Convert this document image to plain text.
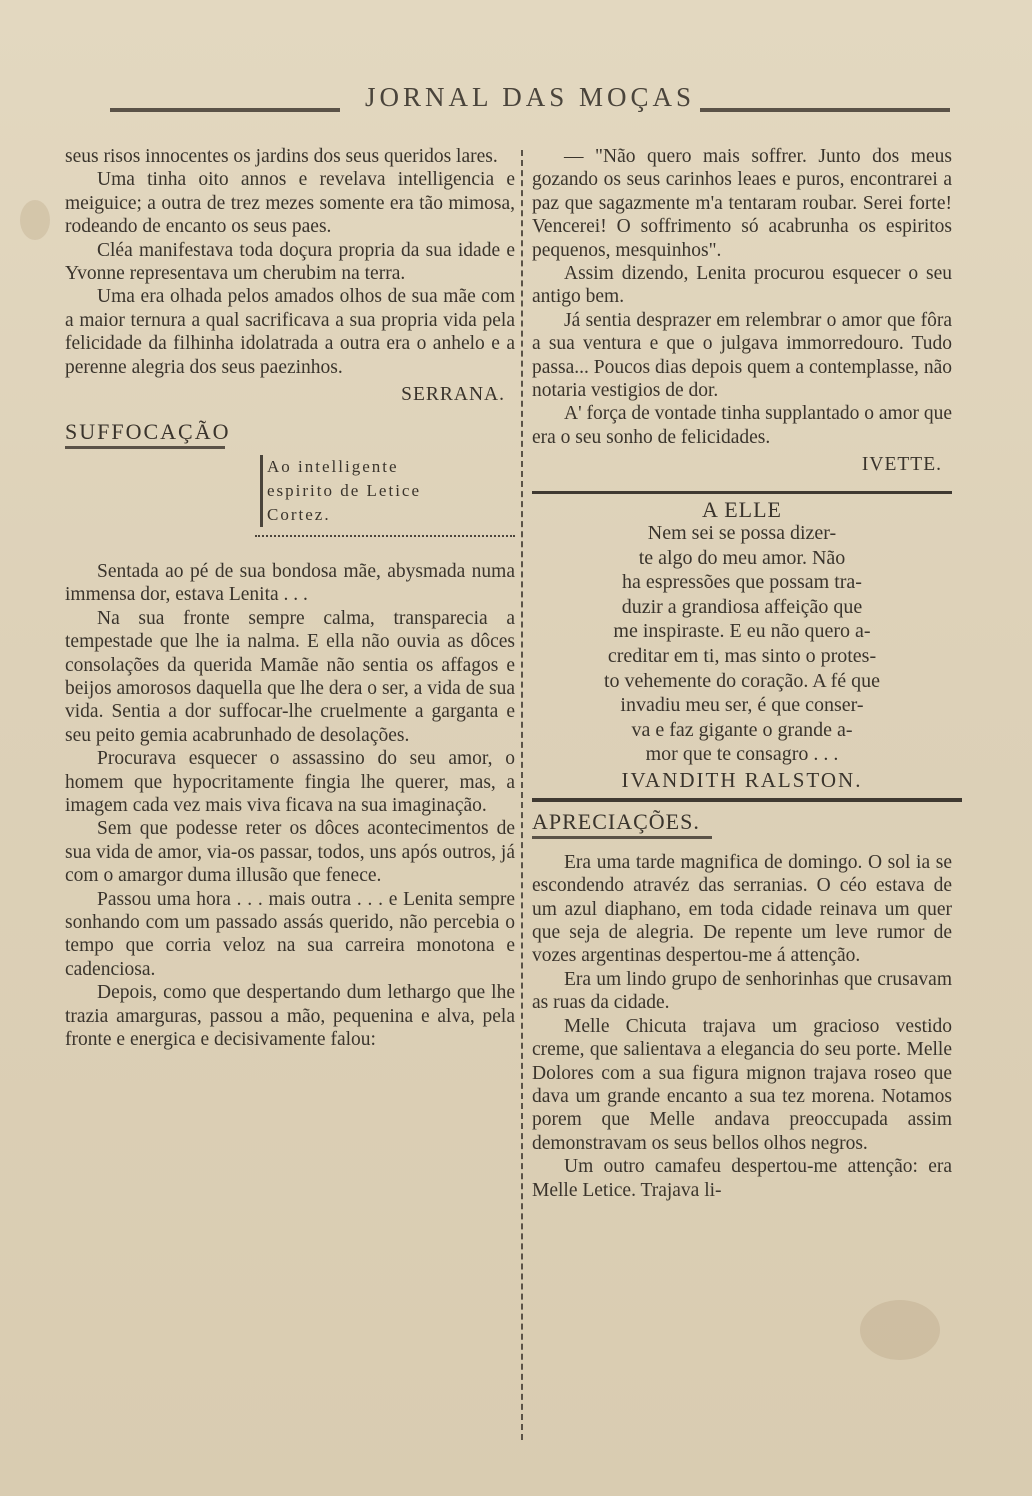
JORNAL DAS MOÇAS

seus risos innocentes os jardins dos seus queridos lares.

Uma tinha oito annos e revelava intelligencia e meiguice; a outra de trez mezes somente era tão mimosa, rodeando de encanto os seus paes.

Cléa manifestava toda doçura propria da sua idade e Yvonne representava um cherubim na terra.

Uma era olhada pelos amados olhos de sua mãe com a maior ternura a qual sacrificava a sua propria vida pela felicidade da filhinha idolatrada a outra era o anhelo e a perenne alegria dos seus paezinhos.

SERRANA.
SUFFOCAÇÃO
Ao intelligente
espirito de Letice
Cortez.

Sentada ao pé de sua bondosa mãe, abysmada numa immensa dor, estava Lenita . . .

Na sua fronte sempre calma, transparecia a tempestade que lhe ia nalma. E ella não ouvia as dôces consolações da querida Mamãe não sentia os affagos e beijos amorosos daquella que lhe dera o ser, a vida de sua vida. Sentia a dor suffocar-lhe cruelmente a garganta e seu peito gemia acabrunhado de desolações.

Procurava esquecer o assassino do seu amor, o homem que hypocritamente fingia lhe querer, mas, a imagem cada vez mais viva ficava na sua imaginação.

Sem que podesse reter os dôces acontecimentos de sua vida de amor, via-os passar, todos, uns após outros, já com o amargor duma illusão que fenece.

Passou uma hora . . . mais outra . . . e Lenita sempre sonhando com um passado assás querido, não percebia o tempo que corria veloz na sua carreira monotona e cadenciosa.

Depois, como que despertando dum lethargo que lhe trazia amarguras, passou a mão, pequenina e alva, pela fronte e energica e decisivamente falou:

— "Não quero mais soffrer. Junto dos meus gozando os seus carinhos leaes e puros, encontrarei a paz que sagazmente m'a tentaram roubar. Serei forte! Vencerei! O soffrimento só acabrunha os espiritos pequenos, mesquinhos".

Assim dizendo, Lenita procurou esquecer o seu antigo bem.

Já sentia desprazer em relembrar o amor que fôra a sua ventura e que o julgava immorredouro. Tudo passa... Poucos dias depois quem a contemplasse, não notaria vestigios de dor.

A' força de vontade tinha supplantado o amor que era o seu sonho de felicidades.

IVETTE.
A ELLE
Nem sei se possa dizer-
te algo do meu amor. Não
ha espressões que possam tra-
duzir a grandiosa affeição que
me inspiraste. E eu não quero a-
creditar em ti, mas sinto o protes-
to vehemente do coração. A fé que
invadiu meu ser, é que conser-
va e faz gigante o grande a-
mor que te consagro . . .
IVANDITH RALSTON.
APRECIAÇÕES.

Era uma tarde magnifica de domingo. O sol ia se escondendo atravéz das serranias. O céo estava de um azul diaphano, em toda cidade reinava um quer que seja de alegria. De repente um leve rumor de vozes argentinas despertou-me á attenção.

Era um lindo grupo de senhorinhas que crusavam as ruas da cidade.

Melle Chicuta trajava um gracioso vestido creme, que salientava a elegancia do seu porte. Melle Dolores com a sua figura mignon trajava roseo que dava um grande encanto a sua tez morena. Notamos porem que Melle andava preoccupada assim demonstravam os seus bellos olhos negros.

Um outro camafeu despertou-me attenção: era Melle Letice. Trajava li-
